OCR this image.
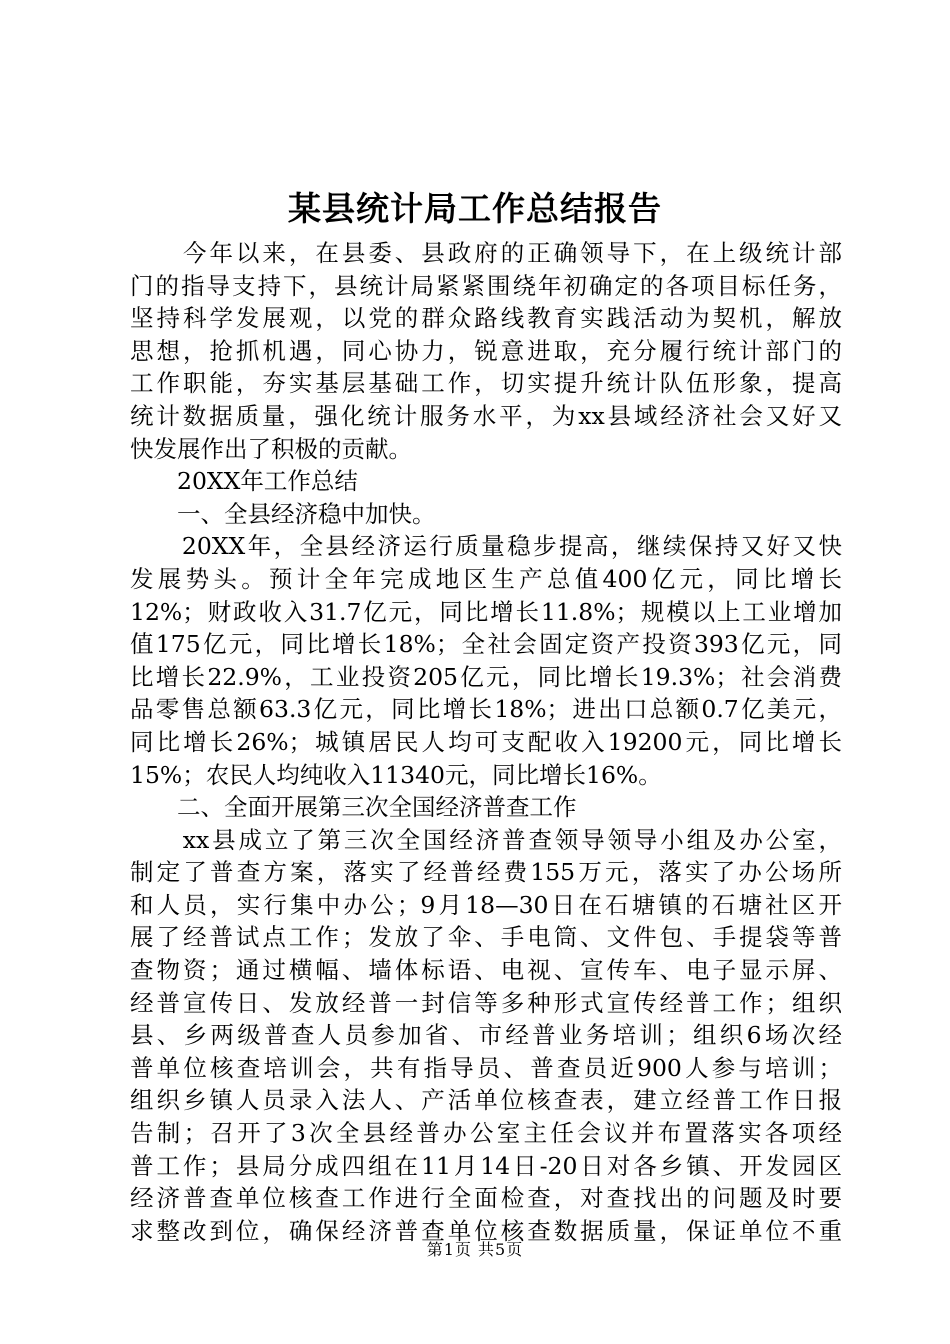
某县统计局工作总结报告
　　今年以来，在县委、县政府的正确领导下，在上级统计部
门的指导支持下，县统计局紧紧围绕年初确定的各项目标任务，
坚持科学发展观，以党的群众路线教育实践活动为契机，解放
思想，抢抓机遇，同心协力，锐意进取，充分履行统计部门的
工作职能，夯实基层基础工作，切实提升统计队伍形象，提高
统计数据质量，强化统计服务水平，为xx县域经济社会又好又
快发展作出了积极的贡献。
　　20XX年工作总结
　　一、全县经济稳中加快。
　　20XX年，全县经济运行质量稳步提高，继续保持又好又快
发展势头。预计全年完成地区生产总值400亿元，同比增长
12%；财政收入31.7亿元，同比增长11.8%；规模以上工业增加
值175亿元，同比增长18%；全社会固定资产投资393亿元，同
比增长22.9%，工业投资205亿元，同比增长19.3%；社会消费
品零售总额63.3亿元，同比增长18%；进出口总额0.7亿美元，
同比增长26%；城镇居民人均可支配收入19200元，同比增长
15%；农民人均纯收入11340元，同比增长16%。
　　二、全面开展第三次全国经济普查工作
　　xx县成立了第三次全国经济普查领导领导小组及办公室，
制定了普查方案，落实了经普经费155万元，落实了办公场所
和人员，实行集中办公；9月18—30日在石塘镇的石塘社区开
展了经普试点工作；发放了伞、手电筒、文件包、手提袋等普
查物资；通过横幅、墙体标语、电视、宣传车、电子显示屏、
经普宣传日、发放经普一封信等多种形式宣传经普工作；组织
县、乡两级普查人员参加省、市经普业务培训；组织6场次经
普单位核查培训会，共有指导员、普查员近900人参与培训；
组织乡镇人员录入法人、产活单位核查表，建立经普工作日报
告制；召开了3次全县经普办公室主任会议并布置落实各项经
普工作；县局分成四组在11月14日-20日对各乡镇、开发园区
经济普查单位核查工作进行全面检查，对查找出的问题及时要
求整改到位，确保经济普查单位核查数据质量，保证单位不重
第1页 共5页
